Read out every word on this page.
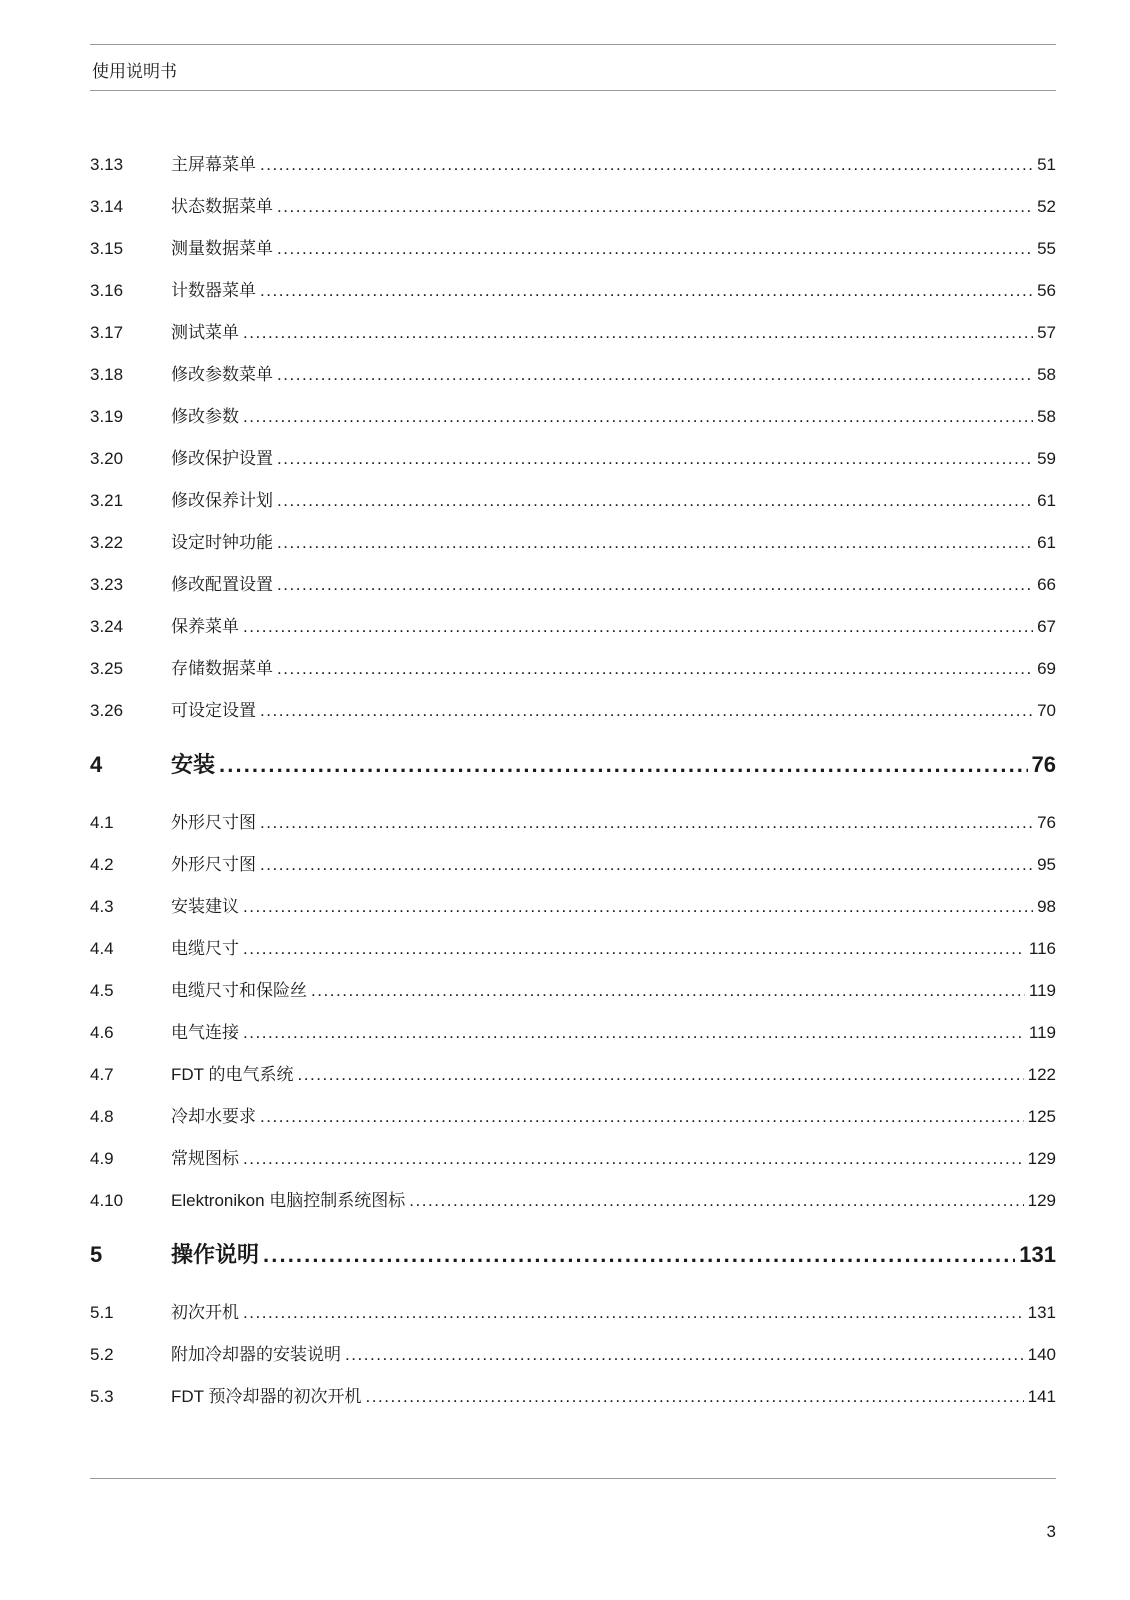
使用说明书
3.13	主屏幕菜单 . . .	51
3.14	状态数据菜单 . . .	52
3.15	测量数据菜单 . . .	55
3.16	计数器菜单 . . .	56
3.17	测试菜单 . . .	57
3.18	修改参数菜单 . . .	58
3.19	修改参数 . . .	58
3.20	修改保护设置 . . .	59
3.21	修改保养计划 . . .	61
3.22	设定时钟功能 . . .	61
3.23	修改配置设置 . . .	66
3.24	保养菜单 . . .	67
3.25	存储数据菜单 . . .	69
3.26	可设定设置 . . .	70
4	安装 . . .	76
4.1	外形尺寸图 . . .	76
4.2	外形尺寸图 . . .	95
4.3	安装建议 . . .	98
4.4	电缆尺寸 . . .	116
4.5	电缆尺寸和保险丝 . . .	119
4.6	电气连接 . . .	119
4.7	FDT 的电气系统 . . .	122
4.8	冷却水要求 . . .	125
4.9	常规图标 . . .	129
4.10	Elektronikon 电脑控制系统图标 . . .	129
5	操作说明 . . .	131
5.1	初次开机 . . .	131
5.2	附加冷却器的安装说明 . . .	140
5.3	FDT 预冷却器的初次开机 . . .	141
3
